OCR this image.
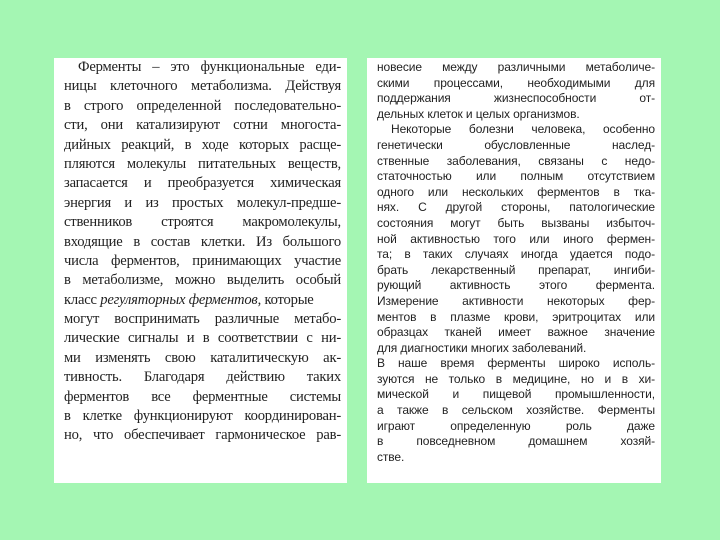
Ферменты – это функциональные еди-
ницы клеточного метаболизма. Действуя
в строго определенной последовательно-
сти, они катализируют сотни многоста-
дийных реакций, в ходе которых расще-
пляются молекулы питательных веществ,
запасается и преобразуется химическая
энергия и из простых молекул-предше-
ственников строятся макромолекулы,
входящие в состав клетки. Из большого
числа ферментов, принимающих участие
в метаболизме, можно выделить особый
класс регуляторных ферментов, которые
могут воспринимать различные метабо-
лические сигналы и в соответствии с ни-
ми изменять свою каталитическую ак-
тивность. Благодаря действию таких
ферментов все ферментные системы
в клетке функционируют координирован-
но, что обеспечивает гармоническое рав-
новесие между различными метаболиче-
скими процессами, необходимыми для
поддержания жизнеспособности от-
дельных клеток и целых организмов.
Некоторые болезни человека, особенно
генетически обусловленные наслед-
ственные заболевания, связаны с недо-
статочностью или полным отсутствием
одного или нескольких ферментов в тка-
нях. С другой стороны, патологические
состояния могут быть вызваны избыточ-
ной активностью того или иного фермен-
та; в таких случаях иногда удается подо-
брать лекарственный препарат, ингиби-
рующий активность этого фермента.
Измерение активности некоторых фер-
ментов в плазме крови, эритроцитах или
образцах тканей имеет важное значение
для диагностики многих заболеваний.
В наше время ферменты широко исполь-
зуются не только в медицине, но и в хи-
мической и пищевой промышленности,
а также в сельском хозяйстве. Ферменты
играют определенную роль даже
в повседневном домашнем хозяй-
стве.
